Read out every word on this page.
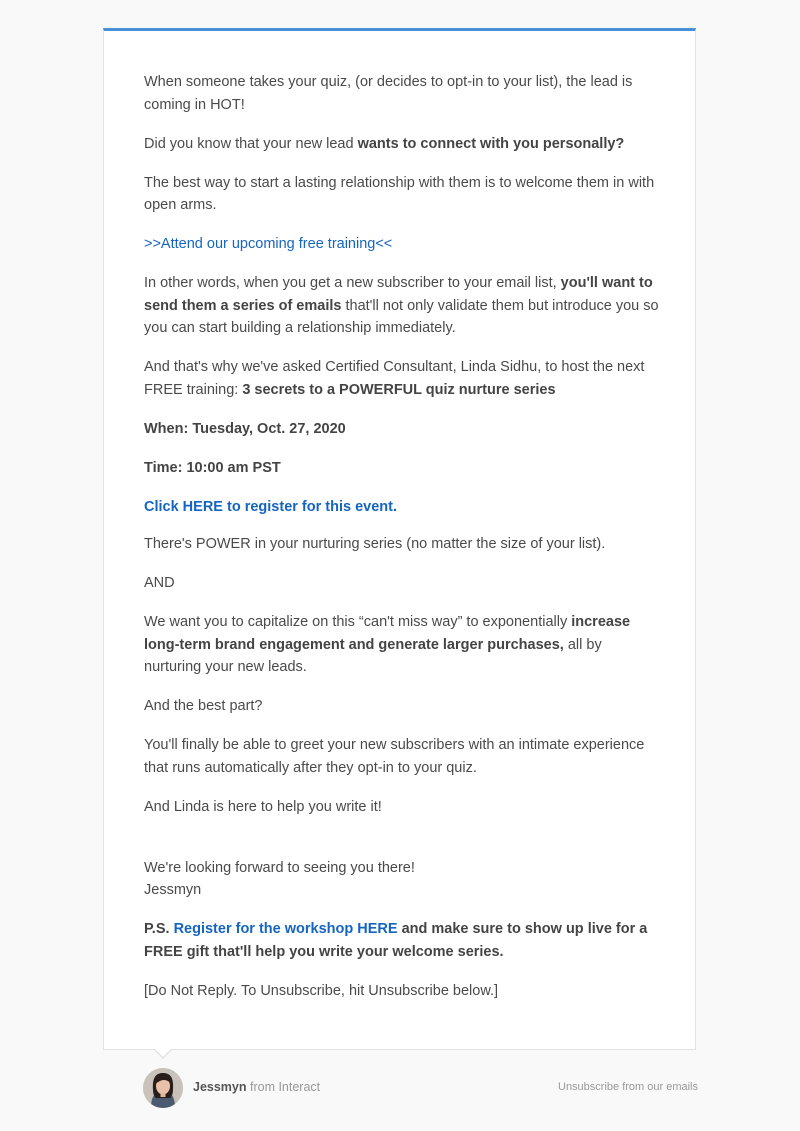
When someone takes your quiz, (or decides to opt-in to your list), the lead is coming in HOT!

Did you know that your new lead wants to connect with you personally?

The best way to start a lasting relationship with them is to welcome them in with open arms.

>>Attend our upcoming free training<<

In other words, when you get a new subscriber to your email list, you'll want to send them a series of emails that'll not only validate them but introduce you so you can start building a relationship immediately.

And that's why we've asked Certified Consultant, Linda Sidhu, to host the next FREE training: 3 secrets to a POWERFUL quiz nurture series

When: Tuesday, Oct. 27, 2020

Time: 10:00 am PST

Click HERE to register for this event.

There's POWER in your nurturing series (no matter the size of your list).

AND

We want you to capitalize on this “can't miss way” to exponentially increase long-term brand engagement and generate larger purchases, all by nurturing your new leads.

And the best part?

You'll finally be able to greet your new subscribers with an intimate experience that runs automatically after they opt-in to your quiz.

And Linda is here to help you write it!

We're looking forward to seeing you there!
Jessmyn

P.S. Register for the workshop HERE and make sure to show up live for a FREE gift that'll help you write your welcome series.

[Do Not Reply. To Unsubscribe, hit Unsubscribe below.]

Jessmyn from Interact	Unsubscribe from our emails
